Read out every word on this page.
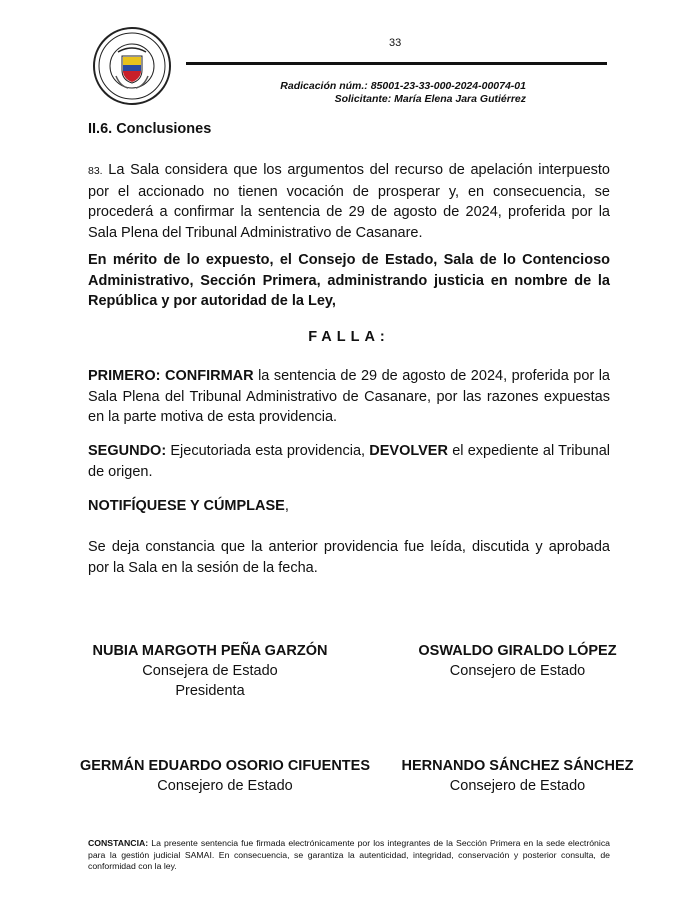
33
Radicación núm.: 85001-23-33-000-2024-00074-01
Solicitante: María Elena Jara Gutiérrez
II.6. Conclusiones

83. La Sala considera que los argumentos del recurso de apelación interpuesto por el accionado no tienen vocación de prosperar y, en consecuencia, se procederá a confirmar la sentencia de 29 de agosto de 2024, proferida por la Sala Plena del Tribunal Administrativo de Casanare.

En mérito de lo expuesto, el Consejo de Estado, Sala de lo Contencioso Administrativo, Sección Primera, administrando justicia en nombre de la República y por autoridad de la Ley,

FALLA:

PRIMERO: CONFIRMAR la sentencia de 29 de agosto de 2024, proferida por la Sala Plena del Tribunal Administrativo de Casanare, por las razones expuestas en la parte motiva de esta providencia.

SEGUNDO: Ejecutoriada esta providencia, DEVOLVER el expediente al Tribunal de origen.

NOTIFÍQUESE Y CÚMPLASE,

Se deja constancia que la anterior providencia fue leída, discutida y aprobada por la Sala en la sesión de la fecha.

NUBIA MARGOTH PEÑA GARZÓN
Consejera de Estado
Presidenta
OSWALDO GIRALDO LÓPEZ
Consejero de Estado
GERMÁN EDUARDO OSORIO CIFUENTES
Consejero de Estado
HERNANDO SÁNCHEZ SÁNCHEZ
Consejero de Estado

CONSTANCIA: La presente sentencia fue firmada electrónicamente por los integrantes de la Sección Primera en la sede electrónica para la gestión judicial SAMAI. En consecuencia, se garantiza la autenticidad, integridad, conservación y posterior consulta, de conformidad con la ley.
